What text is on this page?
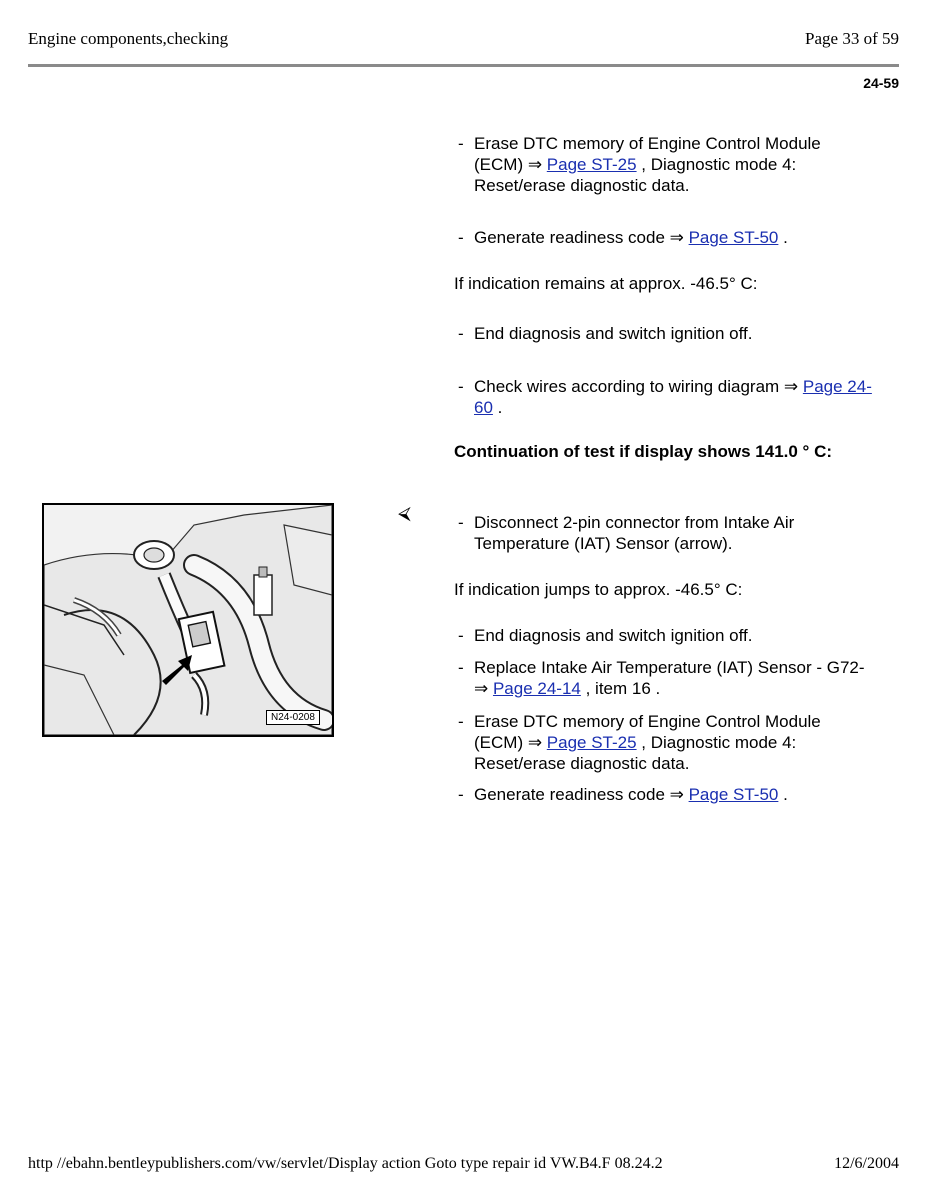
Engine components,checking	Page 33 of 59
24-59
- Erase DTC memory of Engine Control Module (ECM) ⇒ Page ST-25 , Diagnostic mode 4: Reset/erase diagnostic data.
- Generate readiness code ⇒ Page ST-50 .
If indication remains at approx. -46.5° C:
- End diagnosis and switch ignition off.
- Check wires according to wiring diagram ⇒ Page 24-60 .
Continuation of test if display shows 141.0 ° C:
N24-0208
⮘	- Disconnect 2-pin connector from Intake Air Temperature (IAT) Sensor (arrow).
If indication jumps to approx. -46.5° C:
- End diagnosis and switch ignition off.
- Replace Intake Air Temperature (IAT) Sensor - G72- ⇒ Page 24-14 , item 16 .
- Erase DTC memory of Engine Control Module (ECM) ⇒ Page ST-25 , Diagnostic mode 4: Reset/erase diagnostic data.
- Generate readiness code ⇒ Page ST-50 .
http //ebahn.bentleypublishers.com/vw/servlet/Display action Goto type repair id VW.B4.F 08.24.2	12/6/2004
